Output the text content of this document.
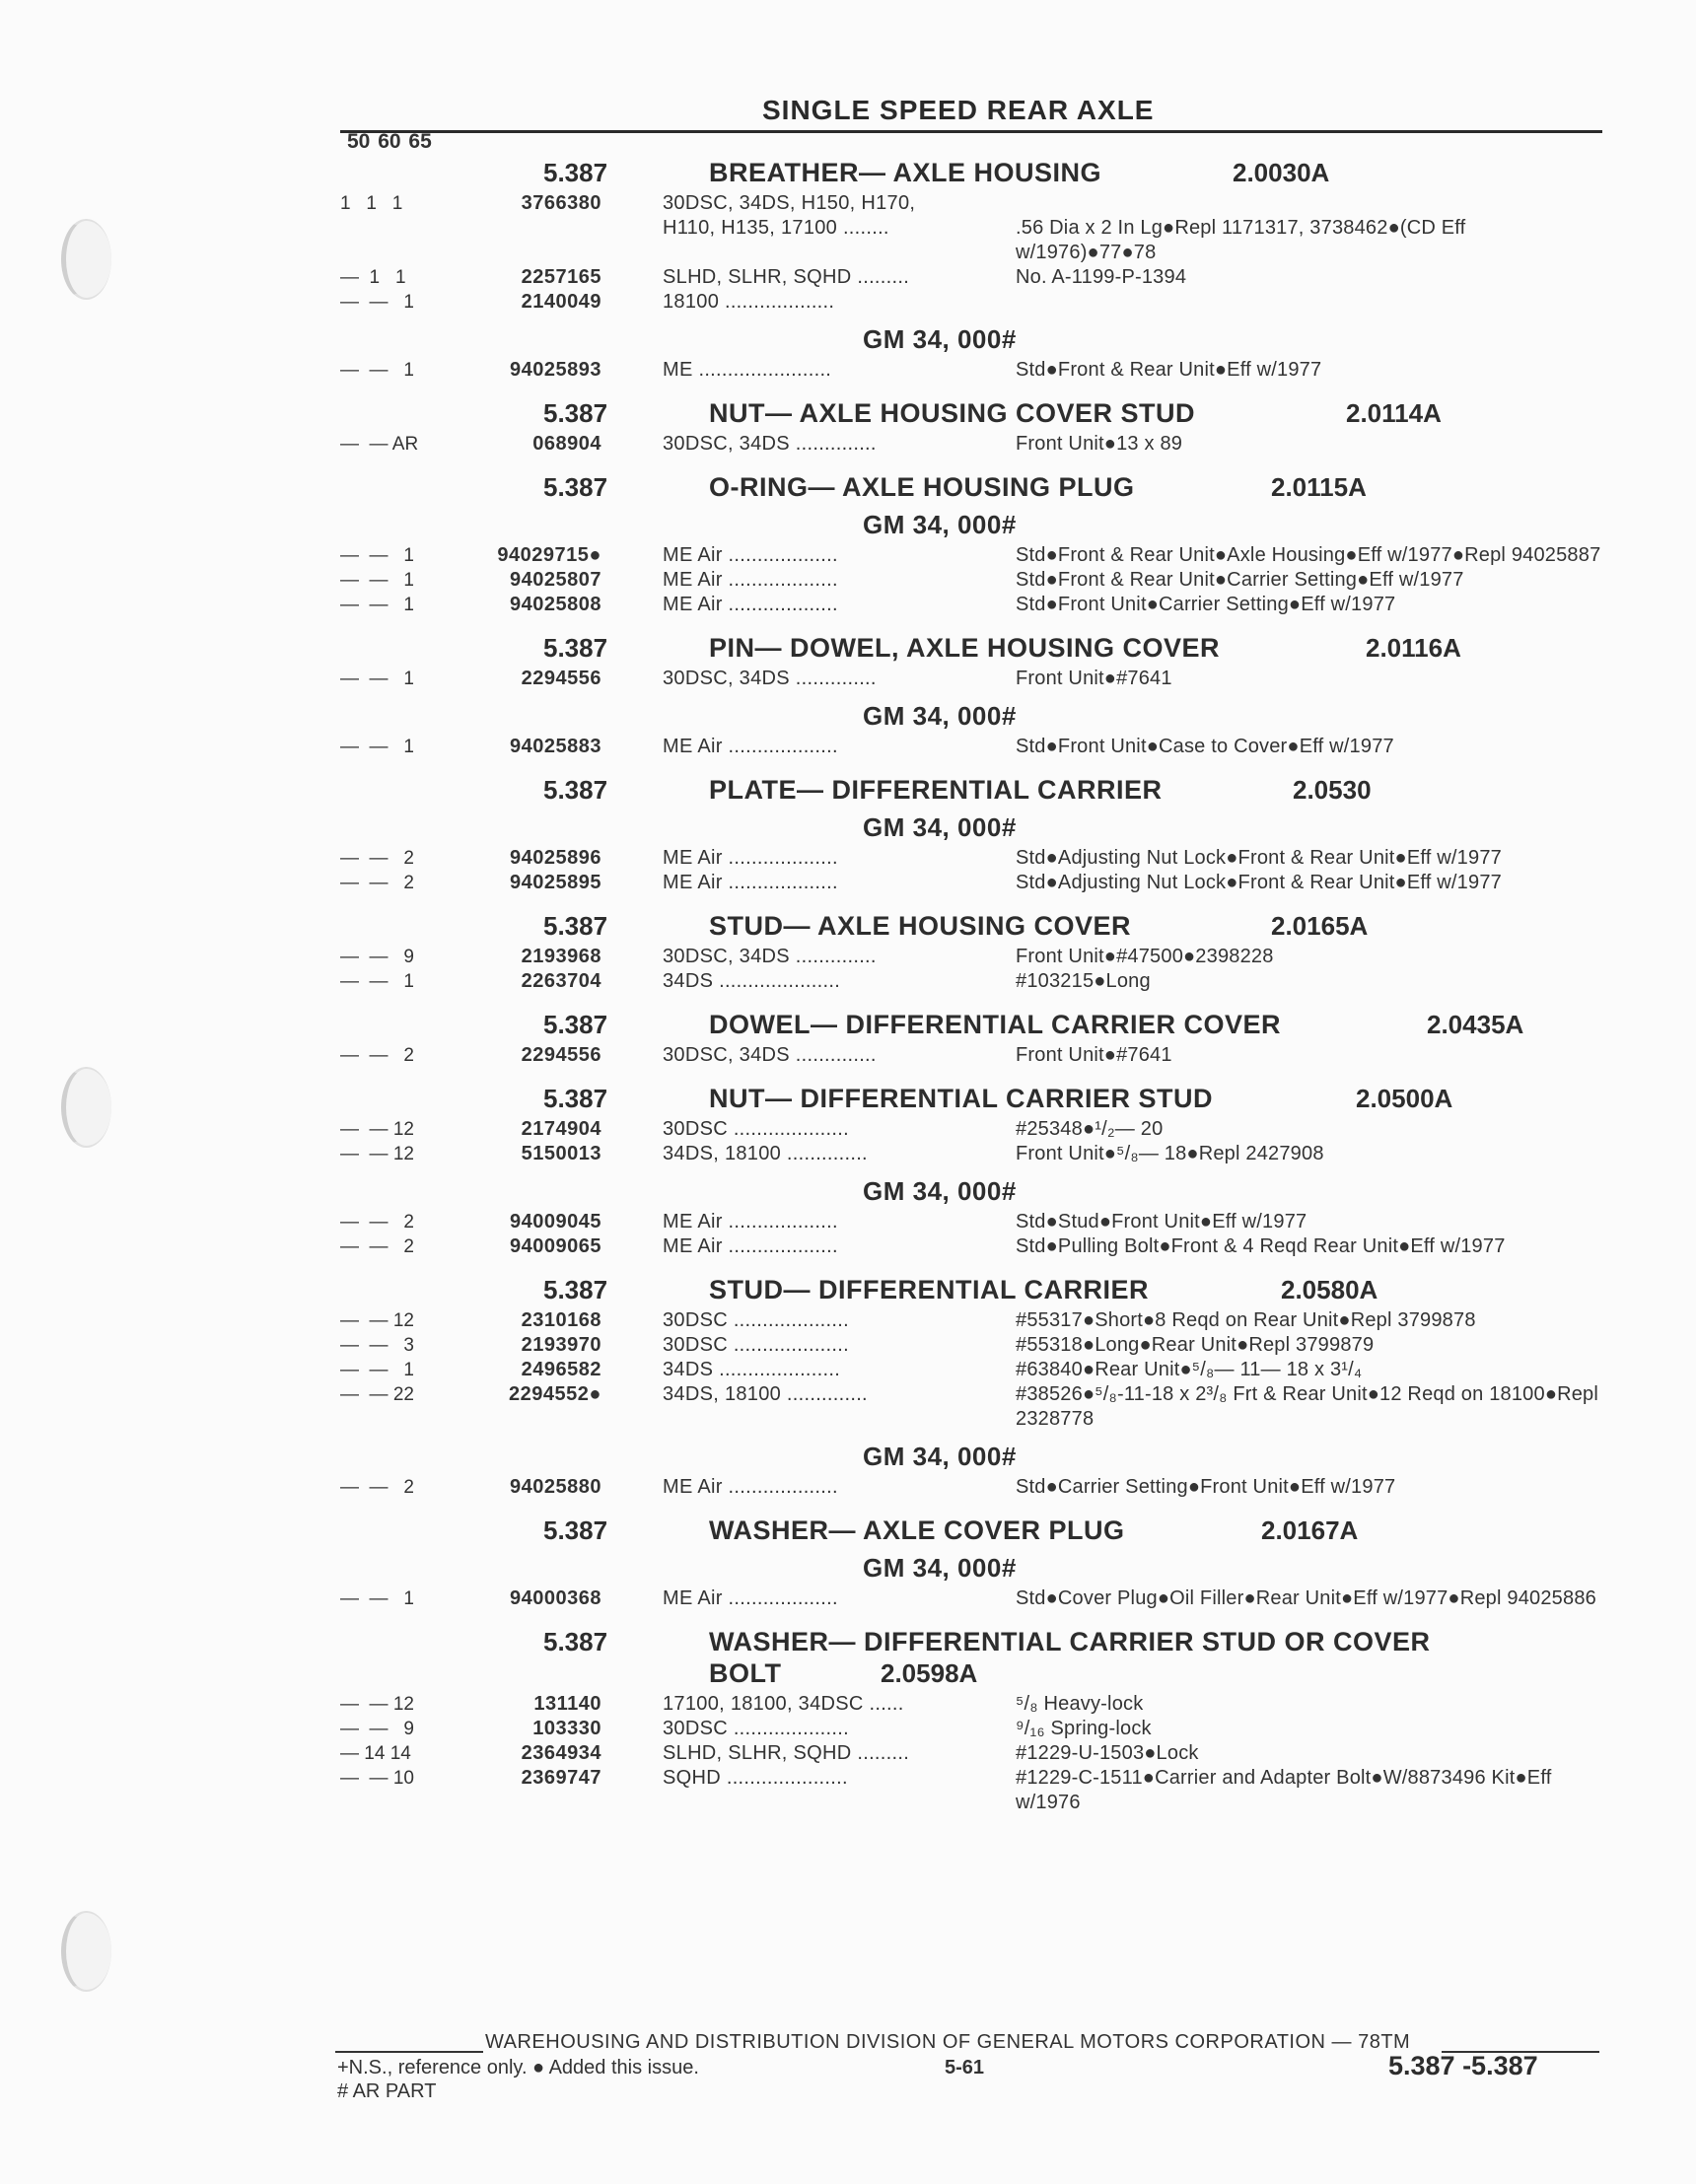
SINGLE SPEED REAR AXLE
50 60 65
5.387	BREATHER— AXLE HOUSING	2.0030A
1   1   1	3766380	30DSC, 34DS, H150, H170,

H110, H135, 17100 ........	.56 Dia x 2 In Lg●Repl 1171317, 3738462●(CD Eff w/1976)●77●78
—  1   1	2257165	SLHD, SLHR, SQHD .........	No. A-1199-P-1394
—  —   1	2140049	18100 ...................

GM 34, 000#
—  —   1	94025893	ME .......................	Std●Front & Rear Unit●Eff w/1977
5.387	NUT— AXLE HOUSING COVER STUD	2.0114A
—  — AR	068904	30DSC, 34DS ..............	Front Unit●13 x 89
5.387	O-RING— AXLE HOUSING PLUG	2.0115A
GM 34, 000#
—  —   1	94029715●	ME Air ...................	Std●Front & Rear Unit●Axle Housing●Eff w/1977●Repl 94025887
—  —   1	94025807	ME Air ...................	Std●Front & Rear Unit●Carrier Setting●Eff w/1977
—  —   1	94025808	ME Air ...................	Std●Front Unit●Carrier Setting●Eff w/1977
5.387	PIN— DOWEL, AXLE HOUSING COVER	2.0116A
—  —   1	2294556	30DSC, 34DS ..............	Front Unit●#7641
GM 34, 000#
—  —   1	94025883	ME Air ...................	Std●Front Unit●Case to Cover●Eff w/1977
5.387	PLATE— DIFFERENTIAL CARRIER	2.0530
GM 34, 000#
—  —   2	94025896	ME Air ...................	Std●Adjusting Nut Lock●Front & Rear Unit●Eff w/1977
—  —   2	94025895	ME Air ...................	Std●Adjusting Nut Lock●Front & Rear Unit●Eff w/1977
5.387	STUD— AXLE HOUSING COVER	2.0165A
—  —   9	2193968	30DSC, 34DS ..............	Front Unit●#47500●2398228
—  —   1	2263704	34DS .....................	#103215●Long
5.387	DOWEL— DIFFERENTIAL CARRIER COVER	2.0435A
—  —   2	2294556	30DSC, 34DS ..............	Front Unit●#7641
5.387	NUT— DIFFERENTIAL CARRIER STUD	2.0500A
—  — 12	2174904	30DSC ....................	#25348●¹/₂— 20
—  — 12	5150013	34DS, 18100 ..............	Front Unit●⁵/₈— 18●Repl 2427908
GM 34, 000#
—  —   2	94009045	ME Air ...................	Std●Stud●Front Unit●Eff w/1977
—  —   2	94009065	ME Air ...................	Std●Pulling Bolt●Front & 4 Reqd Rear Unit●Eff w/1977
5.387	STUD— DIFFERENTIAL CARRIER	2.0580A
—  — 12	2310168	30DSC ....................	#55317●Short●8 Reqd on Rear Unit●Repl 3799878
—  —   3	2193970	30DSC ....................	#55318●Long●Rear Unit●Repl 3799879
—  —   1	2496582	34DS .....................	#63840●Rear Unit●⁵/₈— 11— 18 x 3¹/₄
—  — 22	2294552●	34DS, 18100 ..............	#38526●⁵/₈-11-18 x 2³/₈ Frt & Rear Unit●12 Reqd on 18100●Repl 2328778
GM 34, 000#
—  —   2	94025880	ME Air ...................	Std●Carrier Setting●Front Unit●Eff w/1977
5.387	WASHER— AXLE COVER PLUG	2.0167A
GM 34, 000#
—  —   1	94000368	ME Air ...................	Std●Cover Plug●Oil Filler●Rear Unit●Eff w/1977●Repl 94025886
5.387	WASHER— DIFFERENTIAL CARRIER STUD OR COVER
BOLT	2.0598A
—  — 12	131140	17100, 18100, 34DSC ......	⁵/₈ Heavy-lock
—  —   9	103330	30DSC ....................	⁹/₁₆ Spring-lock
— 14 14	2364934	SLHD, SLHR, SQHD .........	#1229-U-1503●Lock
—  — 10	2369747	SQHD .....................	#1229-C-1511●Carrier and Adapter Bolt●W/8873496 Kit●Eff w/1976
WAREHOUSING AND DISTRIBUTION DIVISION OF GENERAL MOTORS CORPORATION — 78TM
+N.S., reference only. ● Added this issue.	5-61	5.387 -5.387
# AR PART
